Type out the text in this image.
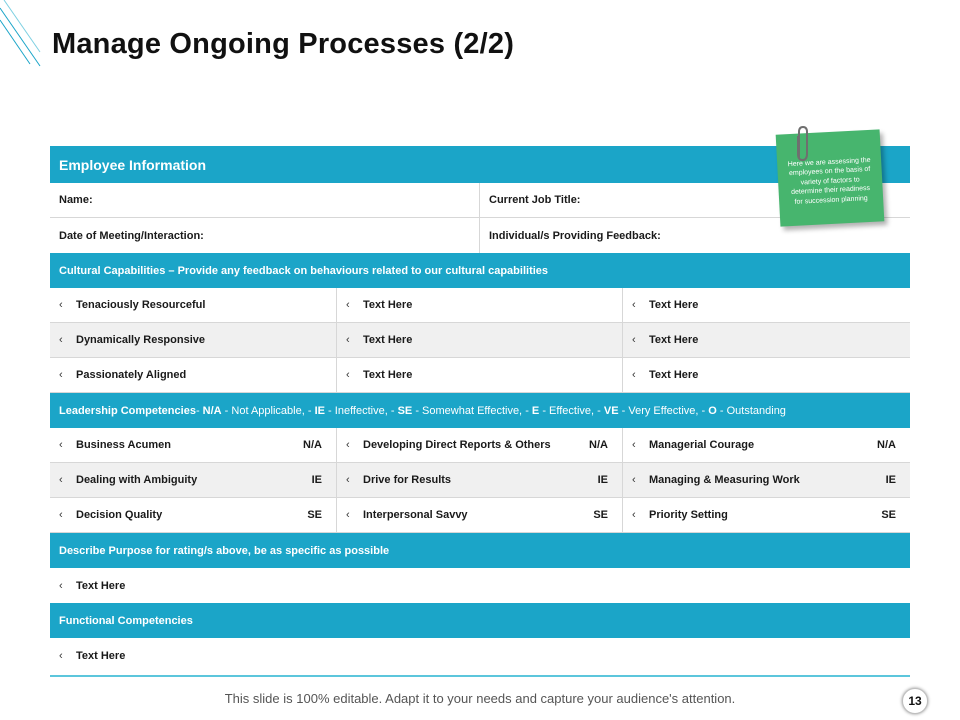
Manage Ongoing Processes (2/2)
Employee Information
Name:	Current Job Title:
Date of Meeting/Interaction:	Individual/s Providing Feedback:
Cultural Capabilities – Provide any feedback on behaviours related to our cultural capabilities
‹	Tenaciously Resourceful	‹	Text Here	‹	Text Here
‹	Dynamically Responsive	‹	Text Here	‹	Text Here
‹	Passionately Aligned	‹	Text Here	‹	Text Here
Leadership Competencies - N/A - Not Applicable, - IE - Ineffective, - SE - Somewhat Effective, - E - Effective, - VE - Very Effective, - O - Outstanding
‹	Business Acumen	N/A	‹	Developing Direct Reports & Others	N/A	‹	Managerial Courage	N/A
‹	Dealing with Ambiguity	IE	‹	Drive for Results	IE	‹	Managing & Measuring Work	IE
‹	Decision Quality	SE	‹	Interpersonal Savvy	SE	‹	Priority Setting	SE
Describe Purpose for rating/s above, be as specific as possible
‹	Text Here
Functional Competencies
‹	Text Here
Here we are assessing the employees on the basis of variety of factors to determine their readiness for succession planning
This slide is 100% editable. Adapt it to your needs and capture your audience's attention.	13
